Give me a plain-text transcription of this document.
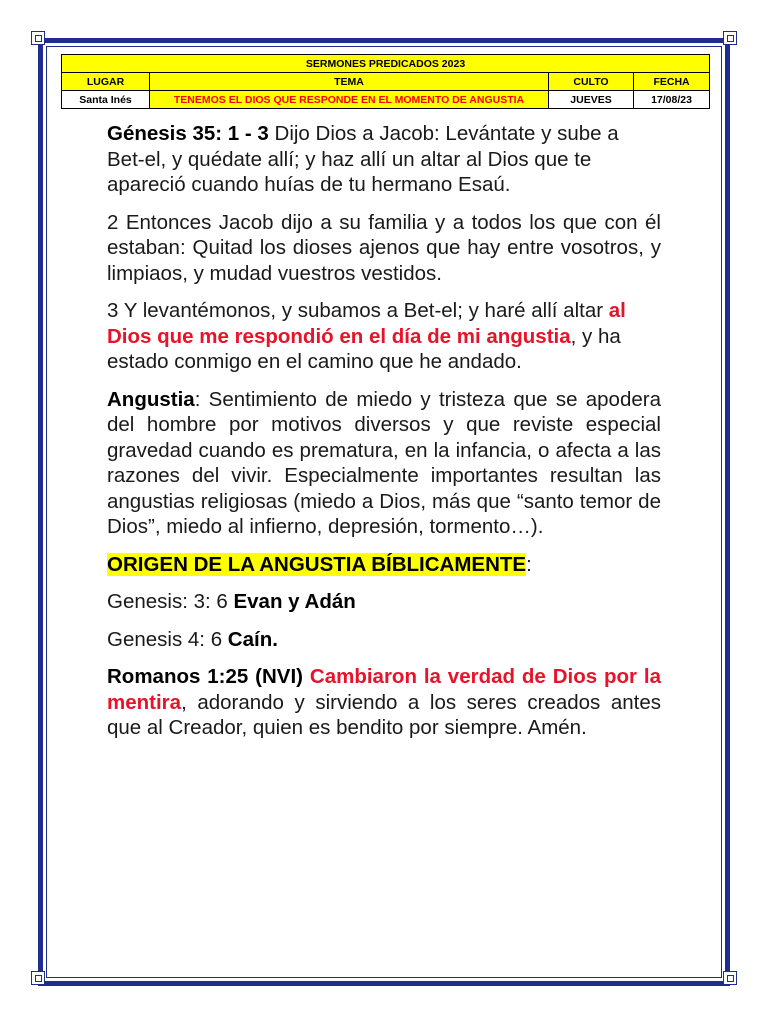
SERMONES PREDICADOS 2023			
LUGAR	TEMA	CULTO	FECHA
Santa Inés	TENEMOS EL DIOS QUE RESPONDE EN EL MOMENTO DE ANGUSTIA	JUEVES	17/08/23

Génesis 35: 1 - 3 Dijo Dios a Jacob: Levántate y sube a Bet-el, y quédate allí; y haz allí un altar al Dios que te apareció cuando huías de tu hermano Esaú.

2 Entonces Jacob dijo a su familia y a todos los que con él estaban: Quitad los dioses ajenos que hay entre vosotros, y limpiaos, y mudad vuestros vestidos.

3 Y levantémonos, y subamos a Bet-el; y haré allí altar al Dios que me respondió en el día de mi angustia, y ha estado conmigo en el camino que he andado.

Angustia: Sentimiento de miedo y tristeza que se apodera del hombre por motivos diversos y que reviste especial gravedad cuando es prematura, en la infancia, o afecta a las razones del vivir. Especialmente importantes resultan las angustias religiosas (miedo a Dios, más que “santo temor de Dios”, miedo al infierno, depresión, tormento…).

ORIGEN DE LA ANGUSTIA BÍBLICAMENTE:

Genesis: 3: 6 Evan y Adán

Genesis 4: 6 Caín.

Romanos 1:25 (NVI) Cambiaron la verdad de Dios por la mentira, adorando y sirviendo a los seres creados antes que al Creador, quien es bendito por siempre. Amén.
